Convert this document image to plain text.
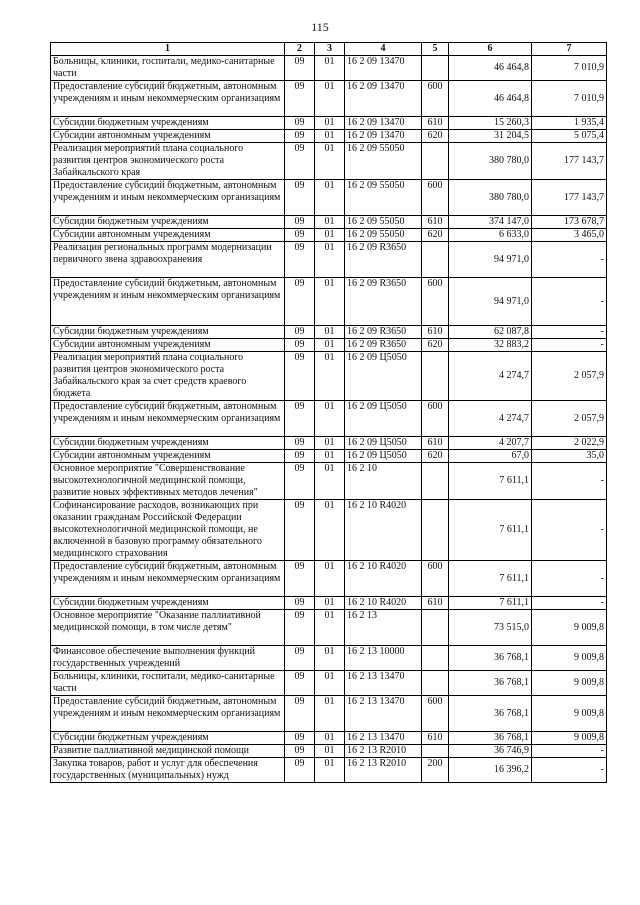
115
1	2	3	4	5	6	7
Больницы, клиники, госпитали, медико-санитарные части	09	01	16 2 09 13470		46 464,8	7 010,9
Предоставление субсидий бюджетным, автономным учреждениям и иным некоммерческим организациям	09	01	16 2 09 13470	600	46 464,8	7 010,9
Субсидии бюджетным учреждениям	09	01	16 2 09 13470	610	15 260,3	1 935,4
Субсидии автономным учреждениям	09	01	16 2 09 13470	620	31 204,5	5 075,4
Реализация мероприятий плана социального развития центров экономического роста Забайкальского края	09	01	16 2 09 55050		380 780,0	177 143,7
Предоставление субсидий бюджетным, автономным учреждениям и иным некоммерческим организациям	09	01	16 2 09 55050	600	380 780,0	177 143,7
Субсидии бюджетным учреждениям	09	01	16 2 09 55050	610	374 147,0	173 678,7
Субсидии автономным учреждениям	09	01	16 2 09 55050	620	6 633,0	3 465,0
Реализация региональных программ модернизации первичного звена здравоохранения	09	01	16 2 09 R3650		94 971,0	-
Предоставление субсидий бюджетным, автономным учреждениям и иным некоммерческим организациям	09	01	16 2 09 R3650	600	94 971,0	-
Субсидии бюджетным учреждениям	09	01	16 2 09 R3650	610	62 087,8	-
Субсидии автономным учреждениям	09	01	16 2 09 R3650	620	32 883,2	-
Реализация мероприятий плана социального развития центров экономического роста Забайкальского края за счет средств краевого бюджета	09	01	16 2 09 Ц5050		4 274,7	2 057,9
Предоставление субсидий бюджетным, автономным учреждениям и иным некоммерческим организациям	09	01	16 2 09 Ц5050	600	4 274,7	2 057,9
Субсидии бюджетным учреждениям	09	01	16 2 09 Ц5050	610	4 207,7	2 022,9
Субсидии автономным учреждениям	09	01	16 2 09 Ц5050	620	67,0	35,0
Основное мероприятие "Совершенствование высокотехнологичной медицинской помощи, развитие новых эффективных методов лечения"	09	01	16 2 10		7 611,1	-
Софинансирование расходов, возникающих при оказании гражданам Российской Федерации высокотехнологичной медицинской помощи, не включенной в базовую программу обязательного медицинского страхования	09	01	16 2 10 R4020		7 611,1	-
Предоставление субсидий бюджетным, автономным учреждениям и иным некоммерческим организациям	09	01	16 2 10 R4020	600	7 611,1	-
Субсидии бюджетным учреждениям	09	01	16 2 10 R4020	610	7 611,1	-
Основное мероприятие "Оказание паллиативной медицинской помощи, в том числе детям"	09	01	16 2 13		73 515,0	9 009,8
Финансовое обеспечение выполнения функций государственных учреждений	09	01	16 2 13 10000		36 768,1	9 009,8
Больницы, клиники, госпитали, медико-санитарные части	09	01	16 2 13 13470		36 768,1	9 009,8
Предоставление субсидий бюджетным, автономным учреждениям и иным некоммерческим организациям	09	01	16 2 13 13470	600	36 768,1	9 009,8
Субсидии бюджетным учреждениям	09	01	16 2 13 13470	610	36 768,1	9 009,8
Развитие паллиативной медицинской помощи	09	01	16 2 13 R2010		36 746,9	-
Закупка товаров, работ и услуг для обеспечения государственных (муниципальных) нужд	09	01	16 2 13 R2010	200	16 396,2	-
